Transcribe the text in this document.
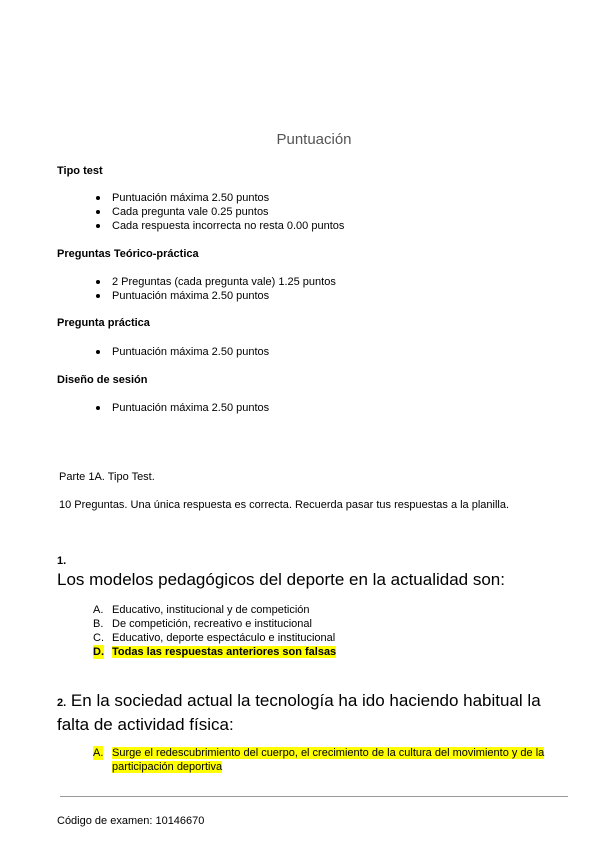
Puntuación
Tipo test
Puntuación máxima 2.50 puntos
Cada pregunta vale 0.25 puntos
Cada respuesta incorrecta no resta 0.00 puntos
Preguntas Teórico-práctica
2 Preguntas (cada pregunta vale) 1.25 puntos
Puntuación máxima 2.50 puntos
Pregunta práctica
Puntuación máxima 2.50 puntos
Diseño de sesión
Puntuación máxima 2.50 puntos
Parte 1A. Tipo Test.
10 Preguntas. Una única respuesta es correcta. Recuerda pasar tus respuestas a la planilla.
1.
Los modelos pedagógicos del deporte en la actualidad son:
A. Educativo, institucional y de competición
B. De competición, recreativo e institucional
C. Educativo, deporte espectáculo e institucional
D. Todas las respuestas anteriores son falsas
2. En la sociedad actual la tecnología ha ido haciendo habitual la falta de actividad física:
A. Surge el redescubrimiento del cuerpo, el crecimiento de la cultura del movimiento y de la participación deportiva
Código de examen: 10146670
